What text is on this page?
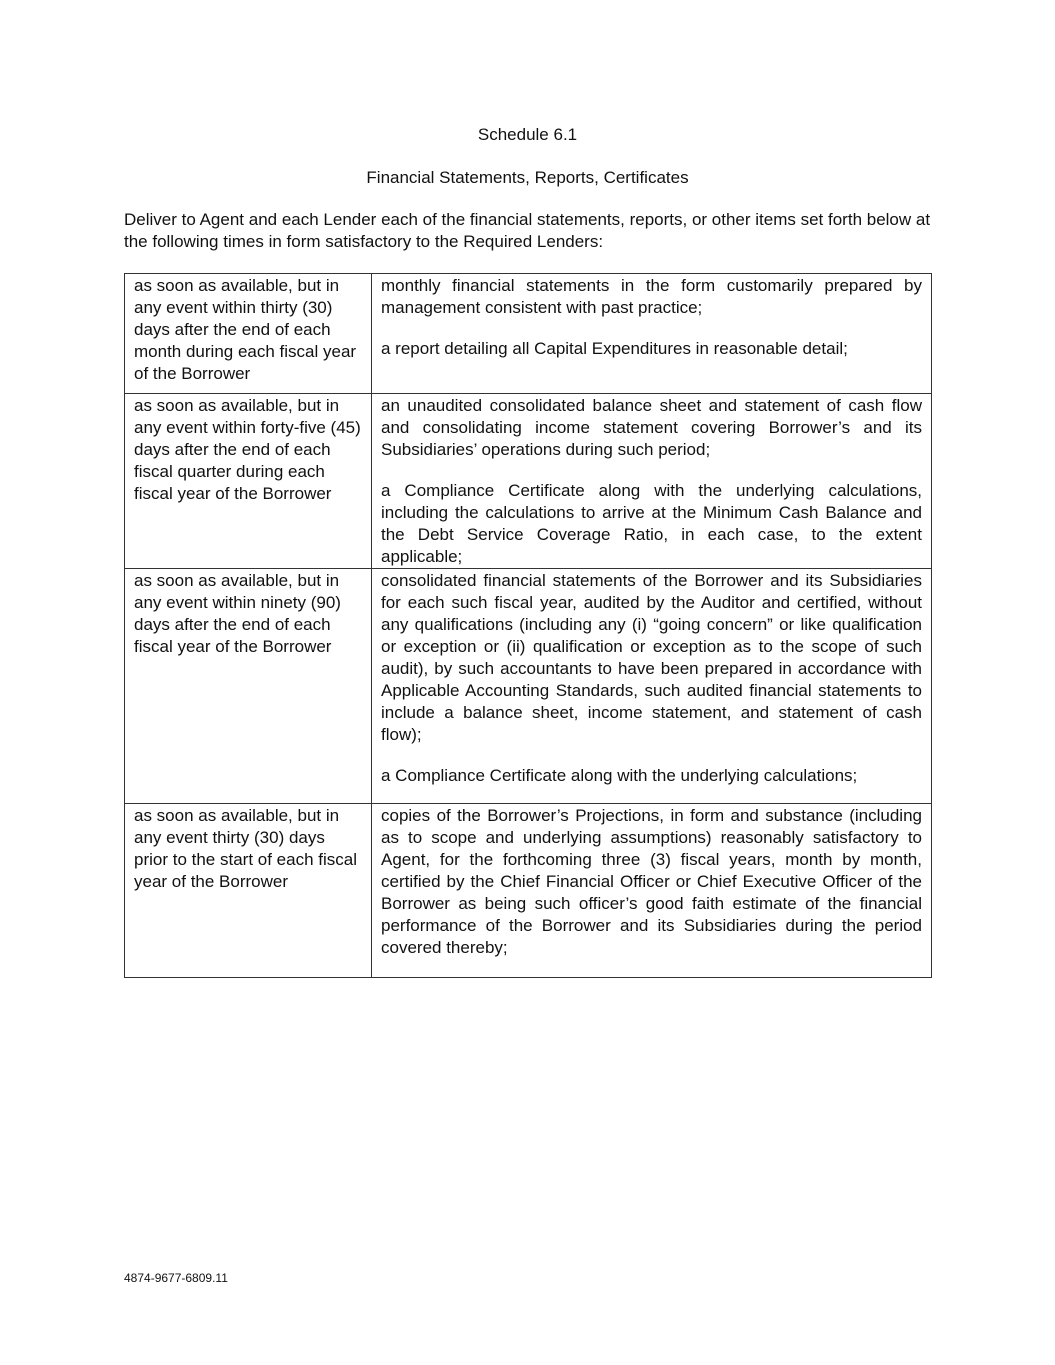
Schedule 6.1
Financial Statements, Reports, Certificates
Deliver to Agent and each Lender each of the financial statements, reports, or other items set forth below at the following times in form satisfactory to the Required Lenders:
as soon as available, but in any event within thirty (30) days after the end of each month during each fiscal year of the Borrower	monthly financial statements in the form customarily prepared by management consistent with past practice;

a report detailing all Capital Expenditures in reasonable detail;

as soon as available, but in any event within forty-five (45) days after the end of each fiscal quarter during each fiscal year of the Borrower	an unaudited consolidated balance sheet and statement of cash flow and consolidating income statement covering Borrower’s and its Subsidiaries’ operations during such period;

a Compliance Certificate along with the underlying calculations, including the calculations to arrive at the Minimum Cash Balance and the Debt Service Coverage Ratio, in each case, to the extent applicable;

as soon as available, but in any event within ninety (90) days after the end of each fiscal year of the Borrower	consolidated financial statements of the Borrower and its Subsidiaries for each such fiscal year, audited by the Auditor and certified, without any qualifications (including any (i) “going concern” or like qualification or exception or (ii) qualification or exception as to the scope of such audit), by such accountants to have been prepared in accordance with Applicable Accounting Standards, such audited financial statements to include a balance sheet, income statement, and statement of cash flow);

a Compliance Certificate along with the underlying calculations;

as soon as available, but in any event thirty (30) days prior to the start of each fiscal year of the Borrower	copies of the Borrower’s Projections, in form and substance (including as to scope and underlying assumptions) reasonably satisfactory to Agent, for the forthcoming three (3) fiscal years, month by month, certified by the Chief Financial Officer or Chief Executive Officer of the Borrower as being such officer’s good faith estimate of the financial performance of the Borrower and its Subsidiaries during the period covered thereby;

4874-9677-6809.11
